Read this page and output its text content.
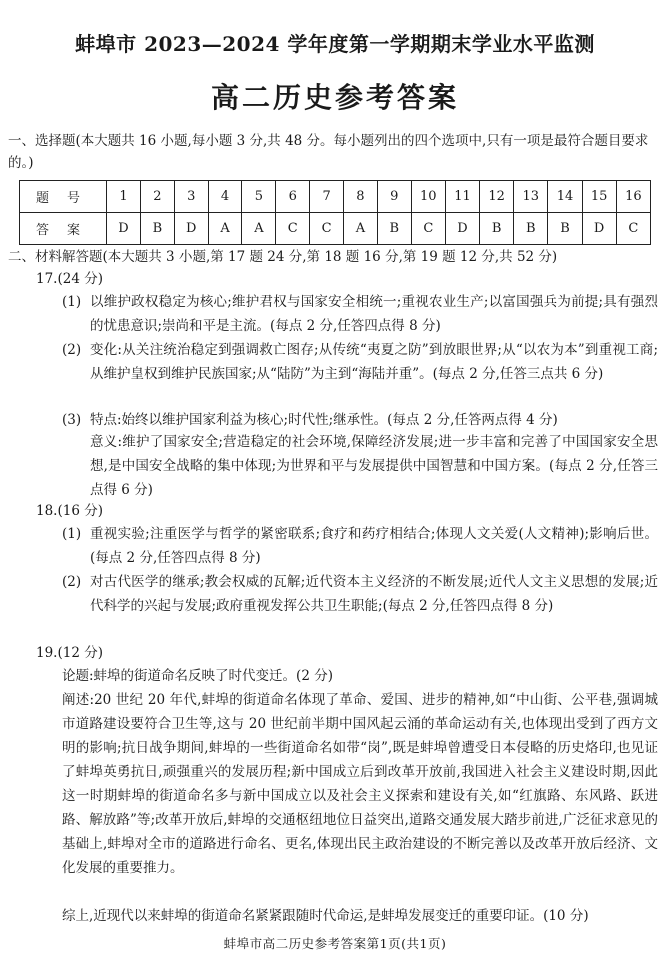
蚌埠市 2023—2024 学年度第一学期期末学业水平监测
高二历史参考答案
一、选择题(本大题共 16 小题,每小题 3 分,共 48 分。每小题列出的四个选项中,只有一项是最符合题目要求的。)
题号	1	2	3	4	5	6	7	8	9	10	11	12	13	14	15	16
答案	D	B	D	A	A	C	C	A	B	C	D	B	B	B	D	C
二、材料解答题(本大题共 3 小题,第 17 题 24 分,第 18 题 16 分,第 19 题 12 分,共 52 分)
17.(24 分)
(1) 以维护政权稳定为核心;维护君权与国家安全相统一;重视农业生产;以富国强兵为前提;具有强烈的忧患意识;崇尚和平是主流。(每点 2 分,任答四点得 8 分)
(2) 变化:从关注统治稳定到强调救亡图存;从传统“夷夏之防”到放眼世界;从“以农为本”到重视工商;从维护皇权到维护民族国家;从“陆防”为主到“海陆并重”。(每点 2 分,任答三点共 6 分)
(3) 特点:始终以维护国家利益为核心;时代性;继承性。(每点 2 分,任答两点得 4 分)
意义:维护了国家安全;营造稳定的社会环境,保障经济发展;进一步丰富和完善了中国国家安全思想,是中国安全战略的集中体现;为世界和平与发展提供中国智慧和中国方案。(每点 2 分,任答三点得 6 分)
18.(16 分)
(1) 重视实验;注重医学与哲学的紧密联系;食疗和药疗相结合;体现人文关爱(人文精神);影响后世。(每点 2 分,任答四点得 8 分)
(2) 对古代医学的继承;教会权威的瓦解;近代资本主义经济的不断发展;近代人文主义思想的发展;近代科学的兴起与发展;政府重视发挥公共卫生职能;(每点 2 分,任答四点得 8 分)
19.(12 分)
论题:蚌埠的街道命名反映了时代变迁。(2 分)
阐述:20 世纪 20 年代,蚌埠的街道命名体现了革命、爱国、进步的精神,如“中山街、公平巷,强调城市道路建设要符合卫生等,这与 20 世纪前半期中国风起云涌的革命运动有关,也体现出受到了西方文明的影响;抗日战争期间,蚌埠的一些街道命名如带“岗”,既是蚌埠曾遭受日本侵略的历史烙印,也见证了蚌埠英勇抗日,顽强重兴的发展历程;新中国成立后到改革开放前,我国进入社会主义建设时期,因此这一时期蚌埠的街道命名多与新中国成立以及社会主义探索和建设有关,如“红旗路、东风路、跃进路、解放路”等;改革开放后,蚌埠的交通枢纽地位日益突出,道路交通发展大踏步前进,广泛征求意见的基础上,蚌埠对全市的道路进行命名、更名,体现出民主政治建设的不断完善以及改革开放后经济、文化发展的重要推力。
综上,近现代以来蚌埠的街道命名紧紧跟随时代命运,是蚌埠发展变迁的重要印证。(10 分)
蚌埠市高二历史参考答案第1页(共1页)
